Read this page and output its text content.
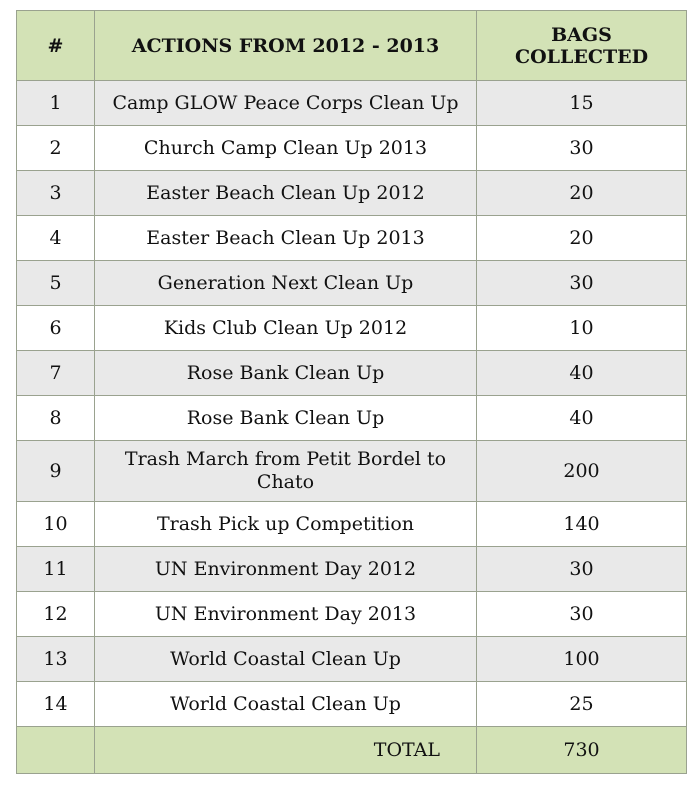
#	ACTIONS FROM 2012 - 2013	BAGS
COLLECTED

1	Camp GLOW Peace Corps Clean Up	15
2	Church Camp Clean Up 2013	30
3	Easter Beach Clean Up 2012	20
4	Easter Beach Clean Up 2013	20
5	Generation Next Clean Up	30
6	Kids Club Clean Up 2012	10
7	Rose Bank Clean Up	40
8	Rose Bank Clean Up	40
9	Trash March from Petit Bordel to Chato	200
10	Trash Pick up Competition	140
11	UN Environment Day 2012	30
12	UN Environment Day 2013	30
13	World Coastal Clean Up	100
14	World Coastal Clean Up	25

	TOTAL	730
